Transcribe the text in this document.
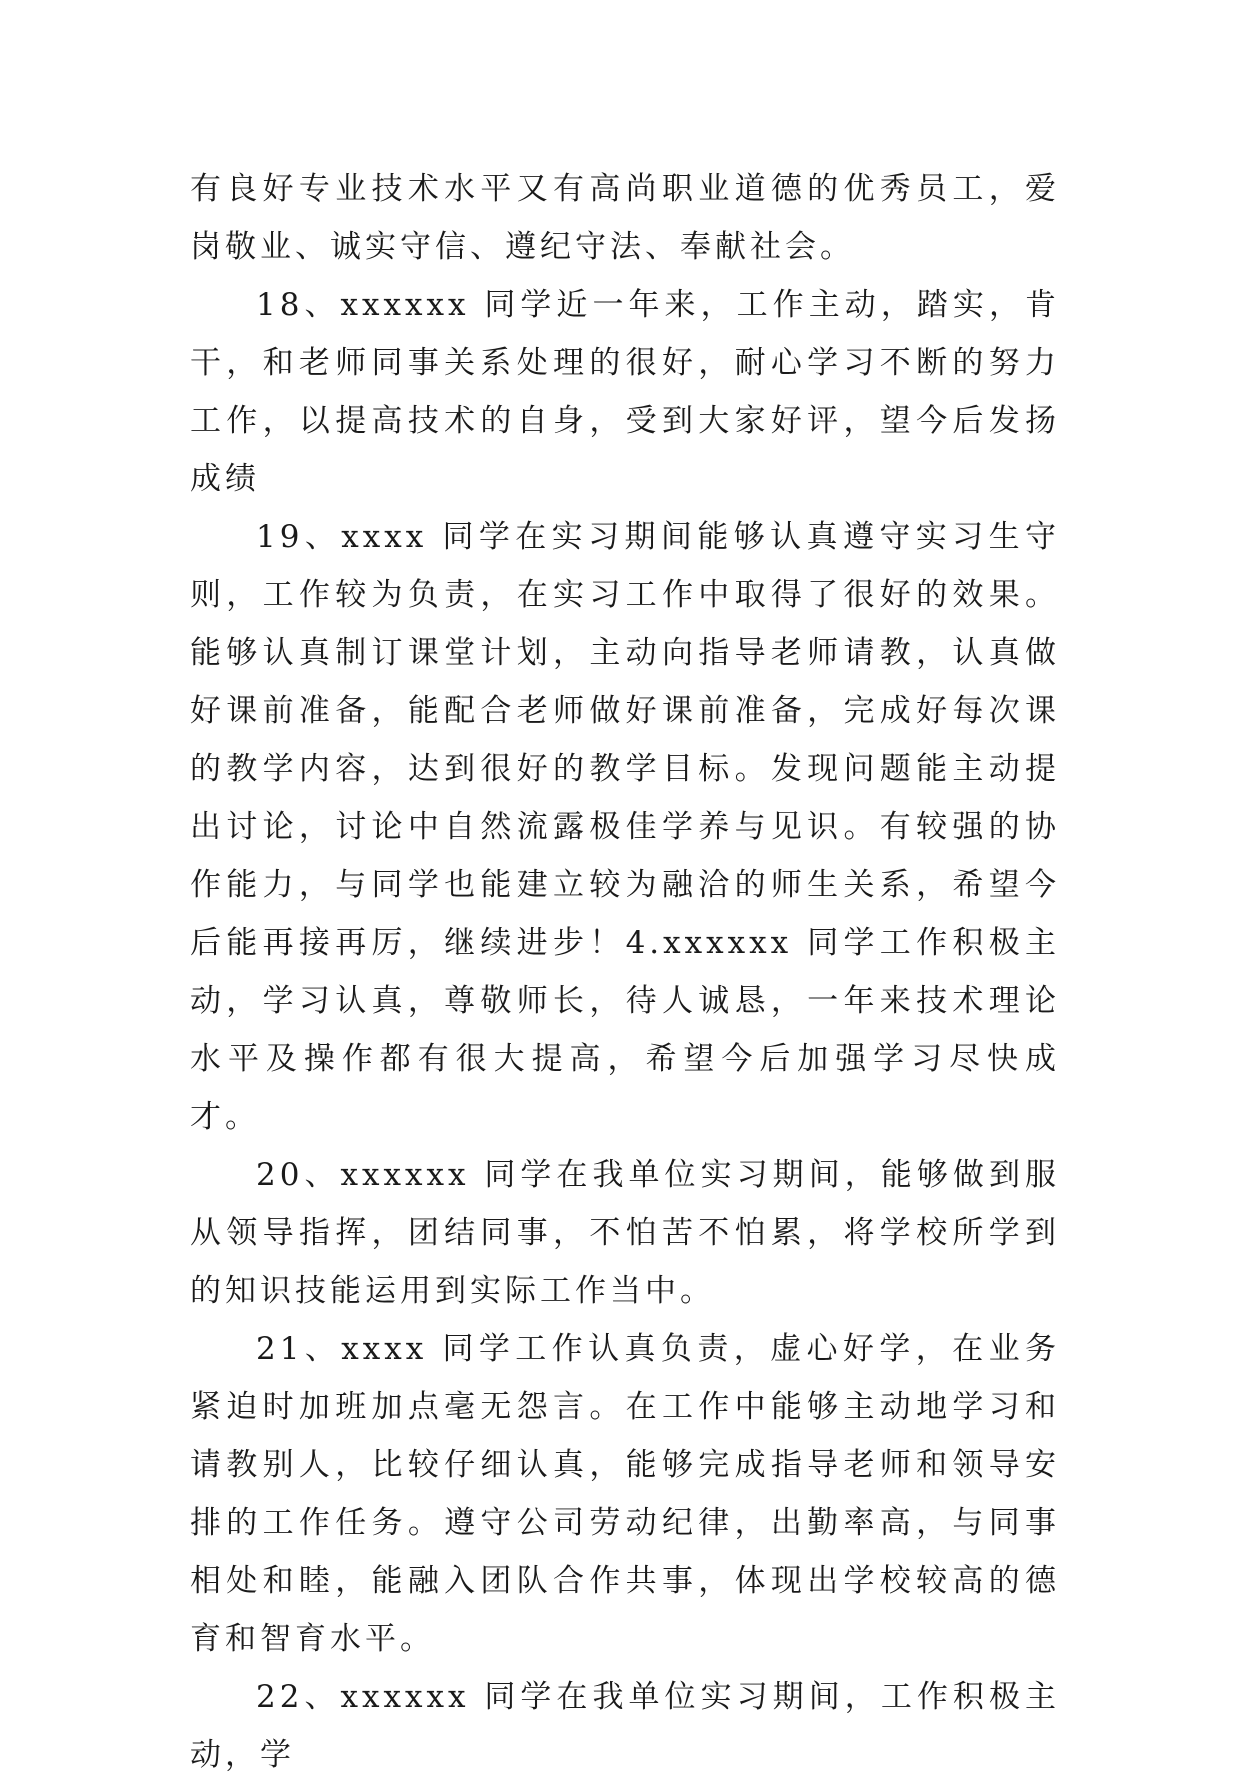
有良好专业技术水平又有高尚职业道德的优秀员工，爱岗敬业、诚实守信、遵纪守法、奉献社会。

18、xxxxxx 同学近一年来，工作主动，踏实，肯干，和老师同事关系处理的很好，耐心学习不断的努力工作，以提高技术的自身，受到大家好评，望今后发扬成绩

19、xxxx 同学在实习期间能够认真遵守实习生守则，工作较为负责，在实习工作中取得了很好的效果。能够认真制订课堂计划，主动向指导老师请教，认真做好课前准备，能配合老师做好课前准备，完成好每次课的教学内容，达到很好的教学目标。发现问题能主动提出讨论，讨论中自然流露极佳学养与见识。有较强的协作能力，与同学也能建立较为融洽的师生关系，希望今后能再接再厉，继续进步！4.xxxxxx 同学工作积极主动，学习认真，尊敬师长，待人诚恳，一年来技术理论水平及操作都有很大提高，希望今后加强学习尽快成才。

20、xxxxxx 同学在我单位实习期间，能够做到服从领导指挥，团结同事，不怕苦不怕累，将学校所学到的知识技能运用到实际工作当中。

21、xxxx 同学工作认真负责，虚心好学，在业务紧迫时加班加点毫无怨言。在工作中能够主动地学习和请教别人，比较仔细认真，能够完成指导老师和领导安排的工作任务。遵守公司劳动纪律，出勤率高，与同事相处和睦，能融入团队合作共事，体现出学校较高的德育和智育水平。

22、xxxxxx 同学在我单位实习期间，工作积极主动，学
